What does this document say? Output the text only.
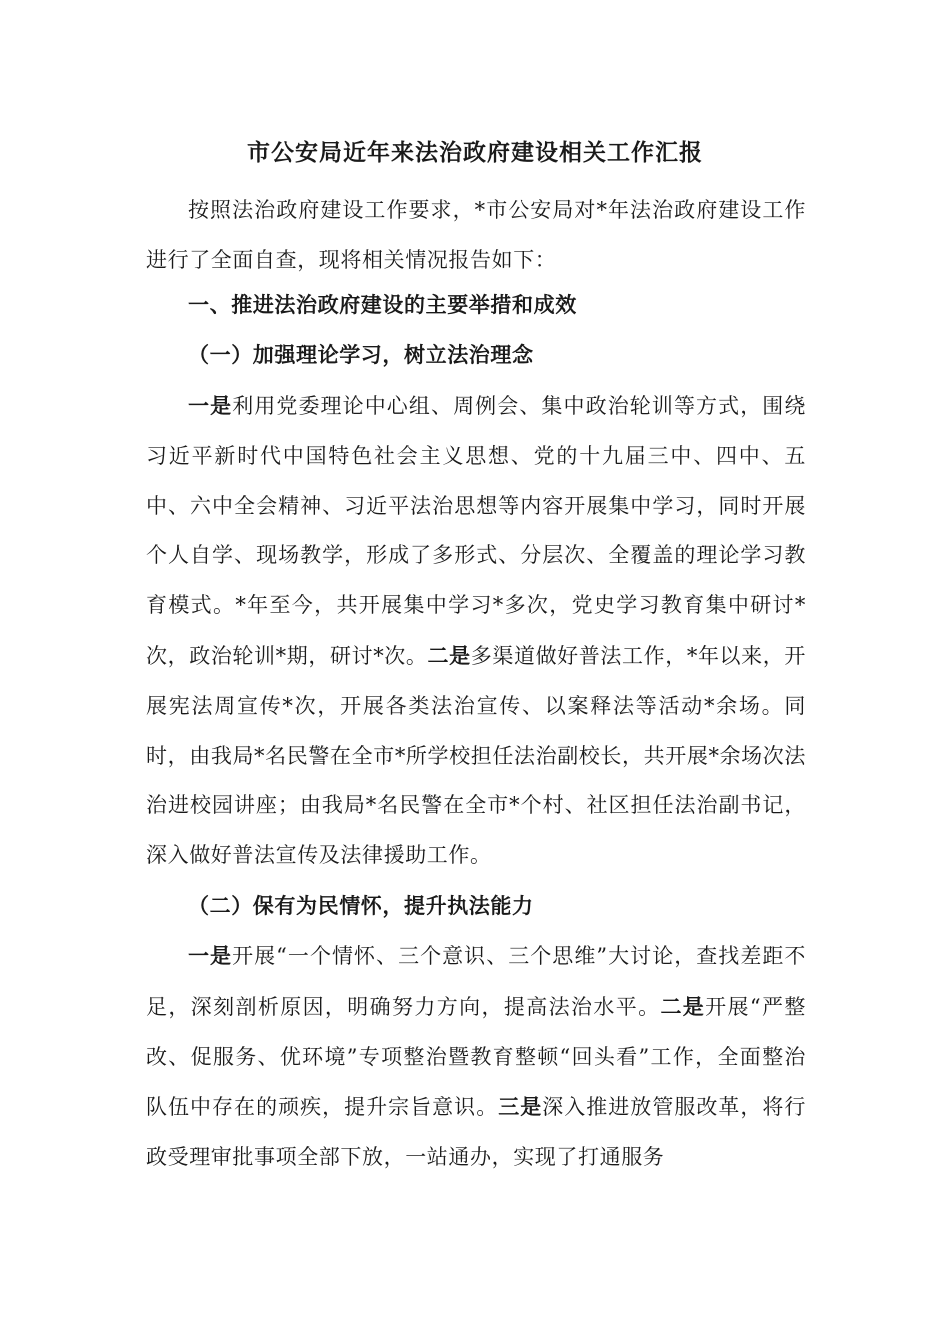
市公安局近年来法治政府建设相关工作汇报

按照法治政府建设工作要求，*市公安局对*年法治政府建设工作进行了全面自查，现将相关情况报告如下：

一、推进法治政府建设的主要举措和成效

（一）加强理论学习，树立法治理念

一是利用党委理论中心组、周例会、集中政治轮训等方式，围绕习近平新时代中国特色社会主义思想、党的十九届三中、四中、五中、六中全会精神、习近平法治思想等内容开展集中学习，同时开展个人自学、现场教学，形成了多形式、分层次、全覆盖的理论学习教育模式。*年至今，共开展集中学习*多次，党史学习教育集中研讨*次，政治轮训*期，研讨*次。二是多渠道做好普法工作，*年以来，开展宪法周宣传*次，开展各类法治宣传、以案释法等活动*余场。同时，由我局*名民警在全市*所学校担任法治副校长，共开展*余场次法治进校园讲座；由我局*名民警在全市*个村、社区担任法治副书记，深入做好普法宣传及法律援助工作。

（二）保有为民情怀，提升执法能力

一是开展“一个情怀、三个意识、三个思维”大讨论，查找差距不足，深刻剖析原因，明确努力方向，提高法治水平。二是开展“严整改、促服务、优环境”专项整治暨教育整顿“回头看”工作，全面整治队伍中存在的顽疾，提升宗旨意识。三是深入推进放管服改革，将行政受理审批事项全部下放，一站通办，实现了打通服务
